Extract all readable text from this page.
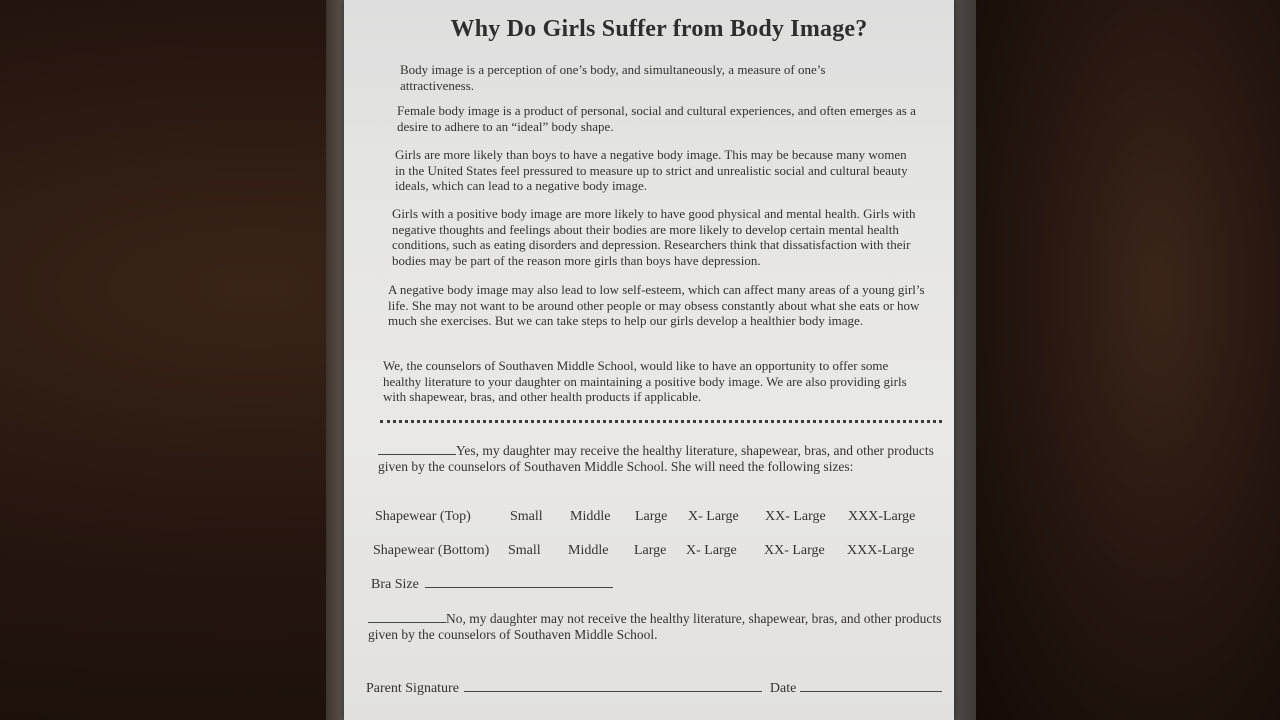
Why Do Girls Suffer from Body Image?

Body image is a perception of one’s body, and simultaneously, a measure of one’s attractiveness.

Female body image is a product of personal, social and cultural experiences, and often emerges as a desire to adhere to an “ideal” body shape.

Girls are more likely than boys to have a negative body image. This may be because many women in the United States feel pressured to measure up to strict and unrealistic social and cultural beauty ideals, which can lead to a negative body image.

Girls with a positive body image are more likely to have good physical and mental health. Girls with negative thoughts and feelings about their bodies are more likely to develop certain mental health conditions, such as eating disorders and depression. Researchers think that dissatisfaction with their bodies may be part of the reason more girls than boys have depression.

A negative body image may also lead to low self-esteem, which can affect many areas of a young girl’s life. She may not want to be around other people or may obsess constantly about what she eats or how much she exercises. But we can take steps to help our girls develop a healthier body image.

We, the counselors of Southaven Middle School, would like to have an opportunity to offer some healthy literature to your daughter on maintaining a positive body image. We are also providing girls with shapewear, bras, and other health products if applicable.

Yes, my daughter may receive the healthy literature, shapewear, bras, and other products given by the counselors of Southaven Middle School. She will need the following sizes:

Shapewear (Top)	Small Middle Large X- Large XX- Large XXX-Large
Shapewear (Bottom) Small Middle Large X- Large XX- Large XXX-Large
Bra Size

No, my daughter may not receive the healthy literature, shapewear, bras, and other products given by the counselors of Southaven Middle School.

Parent Signature	Date
